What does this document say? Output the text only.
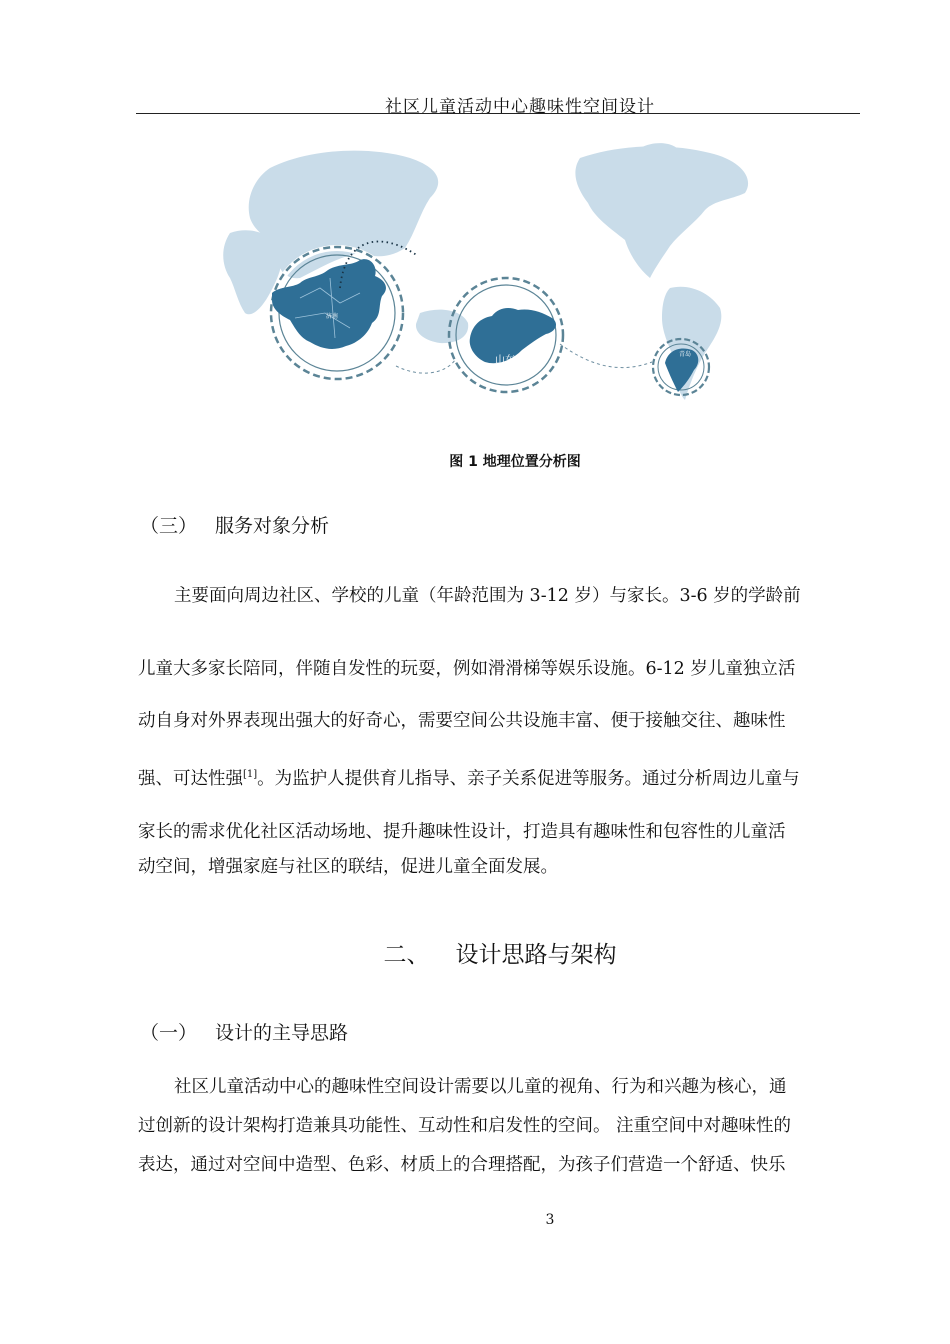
社区儿童活动中心趣味性空间设计
山东
济南
青岛
图 1 地理位置分析图
（三） 服务对象分析

主要面向周边社区、学校的儿童（年龄范围为 3-12 岁）与家长。3-6 岁的学龄前

儿童大多家长陪同，伴随自发性的玩耍，例如滑滑梯等娱乐设施。6-12 岁儿童独立活

动自身对外界表现出强大的好奇心，需要空间公共设施丰富、便于接触交往、趣味性

强、可达性强[1]。为监护人提供育儿指导、亲子关系促进等服务。通过分析周边儿童与

家长的需求优化社区活动场地、提升趣味性设计，打造具有趣味性和包容性的儿童活

动空间，增强家庭与社区的联结，促进儿童全面发展。

二、 设计思路与架构
（一） 设计的主导思路

社区儿童活动中心的趣味性空间设计需要以儿童的视角、行为和兴趣为核心，通

过创新的设计架构打造兼具功能性、互动性和启发性的空间。 注重空间中对趣味性的

表达，通过对空间中造型、色彩、材质上的合理搭配，为孩子们营造一个舒适、快乐

3
